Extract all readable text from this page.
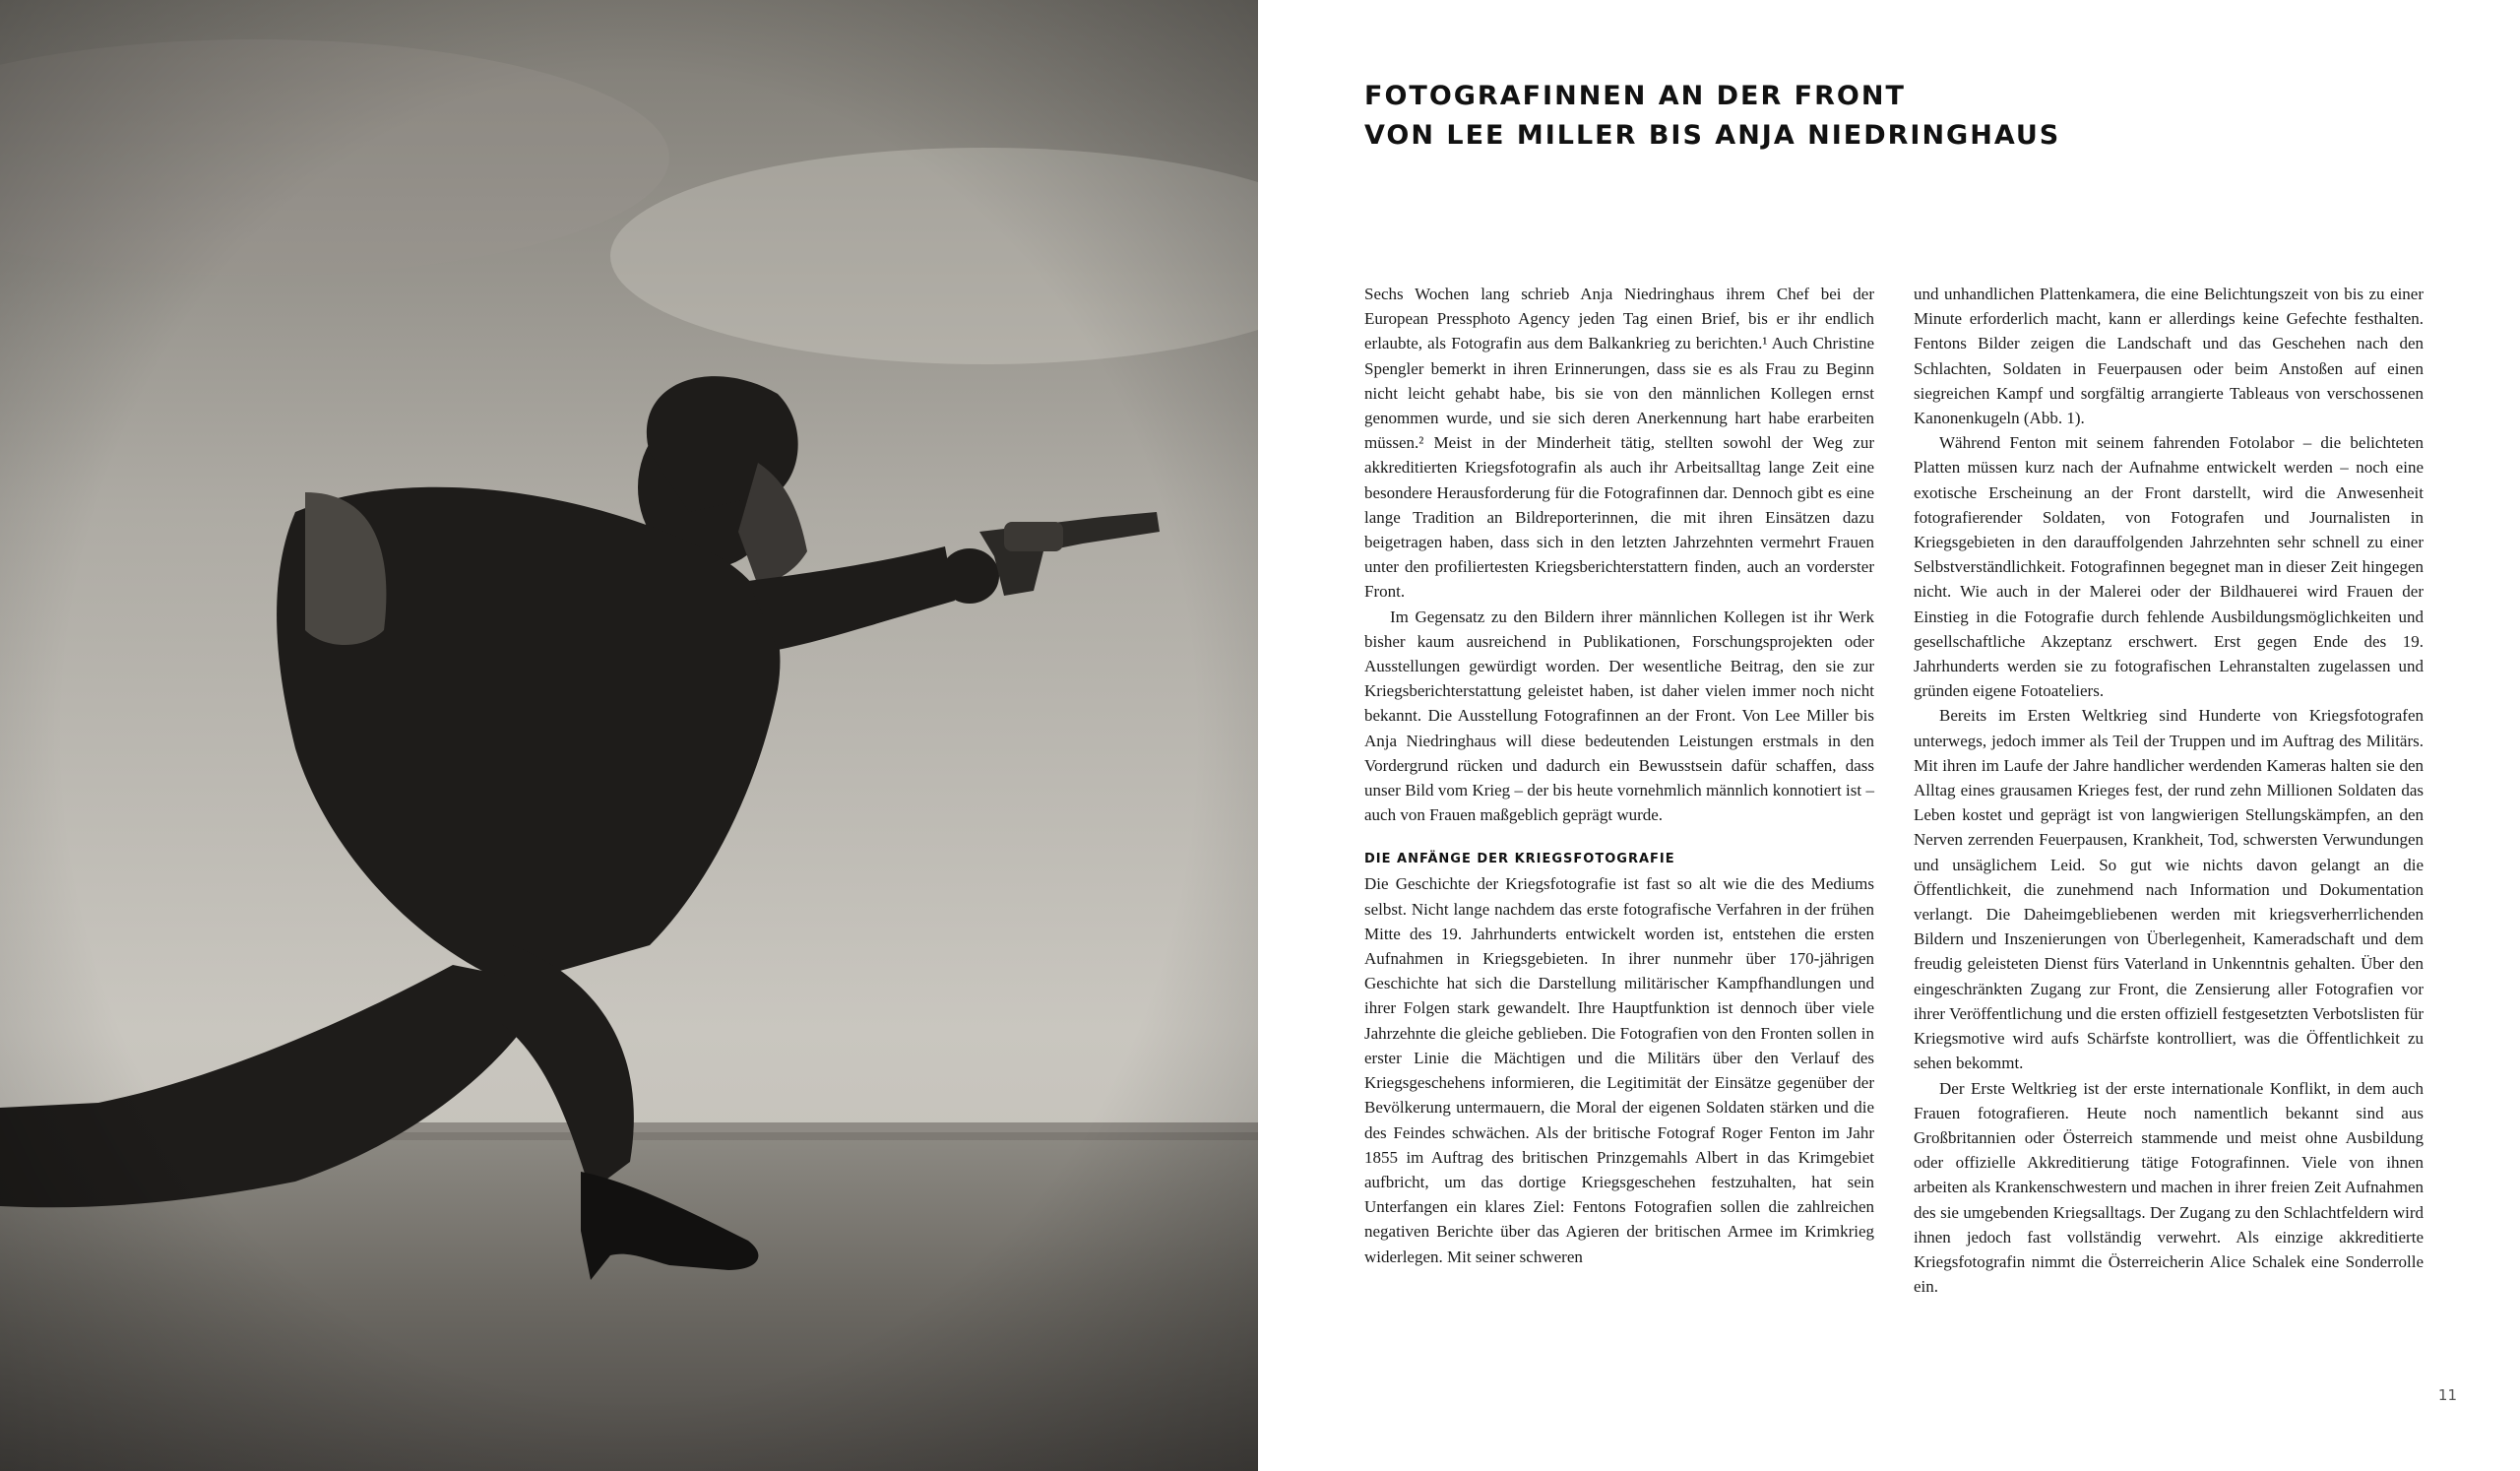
FOTOGRAFINNEN AN DER FRONT
VON LEE MILLER BIS ANJA NIEDRINGHAUS

Sechs Wochen lang schrieb Anja Niedringhaus ihrem Chef bei der European Pressphoto Agency jeden Tag einen Brief, bis er ihr endlich erlaubte, als Fotografin aus dem Balkankrieg zu berichten.¹ Auch Christine Spengler bemerkt in ihren Erinnerungen, dass sie es als Frau zu Beginn nicht leicht gehabt habe, bis sie von den männlichen Kollegen ernst genommen wurde, und sie sich deren Anerkennung hart habe erarbeiten müssen.² Meist in der Minderheit tätig, stellten sowohl der Weg zur akkreditierten Kriegsfotografin als auch ihr Arbeitsalltag lange Zeit eine besondere Herausforderung für die Fotografinnen dar. Dennoch gibt es eine lange Tradition an Bildreporterinnen, die mit ihren Einsätzen dazu beigetragen haben, dass sich in den letzten Jahrzehnten vermehrt Frauen unter den profiliertesten Kriegsberichterstattern finden, auch an vorderster Front.

Im Gegensatz zu den Bildern ihrer männlichen Kollegen ist ihr Werk bisher kaum ausreichend in Publikationen, Forschungsprojekten oder Ausstellungen gewürdigt worden. Der wesentliche Beitrag, den sie zur Kriegsberichterstattung geleistet haben, ist daher vielen immer noch nicht bekannt. Die Ausstellung Fotografinnen an der Front. Von Lee Miller bis Anja Niedringhaus will diese bedeutenden Leistungen erstmals in den Vordergrund rücken und dadurch ein Bewusstsein dafür schaffen, dass unser Bild vom Krieg – der bis heute vornehmlich männlich konnotiert ist – auch von Frauen maßgeblich geprägt wurde.

DIE ANFÄNGE DER KRIEGSFOTOGRAFIE

Die Geschichte der Kriegsfotografie ist fast so alt wie die des Mediums selbst. Nicht lange nachdem das erste fotografische Verfahren in der frühen Mitte des 19. Jahrhunderts entwickelt worden ist, entstehen die ersten Aufnahmen in Kriegsgebieten. In ihrer nunmehr über 170-jährigen Geschichte hat sich die Darstellung militärischer Kampfhandlungen und ihrer Folgen stark gewandelt. Ihre Hauptfunktion ist dennoch über viele Jahrzehnte die gleiche geblieben. Die Fotografien von den Fronten sollen in erster Linie die Mächtigen und die Militärs über den Verlauf des Kriegsgeschehens informieren, die Legitimität der Einsätze gegenüber der Bevölkerung untermauern, die Moral der eigenen Soldaten stärken und die des Feindes schwächen. Als der britische Fotograf Roger Fenton im Jahr 1855 im Auftrag des britischen Prinzgemahls Albert in das Krimgebiet aufbricht, um das dortige Kriegsgeschehen festzuhalten, hat sein Unterfangen ein klares Ziel: Fentons Fotografien sollen die zahlreichen negativen Berichte über das Agieren der britischen Armee im Krimkrieg widerlegen. Mit seiner schweren

und unhandlichen Plattenkamera, die eine Belichtungszeit von bis zu einer Minute erforderlich macht, kann er allerdings keine Gefechte festhalten. Fentons Bilder zeigen die Landschaft und das Geschehen nach den Schlachten, Soldaten in Feuerpausen oder beim Anstoßen auf einen siegreichen Kampf und sorgfältig arrangierte Tableaus von verschossenen Kanonenkugeln (Abb. 1).

Während Fenton mit seinem fahrenden Fotolabor – die belichteten Platten müssen kurz nach der Aufnahme entwickelt werden – noch eine exotische Erscheinung an der Front darstellt, wird die Anwesenheit fotografierender Soldaten, von Fotografen und Journalisten in Kriegsgebieten in den darauffolgenden Jahrzehnten sehr schnell zu einer Selbstverständlichkeit. Fotografinnen begegnet man in dieser Zeit hingegen nicht. Wie auch in der Malerei oder der Bildhauerei wird Frauen der Einstieg in die Fotografie durch fehlende Ausbildungsmöglichkeiten und gesellschaftliche Akzeptanz erschwert. Erst gegen Ende des 19. Jahrhunderts werden sie zu fotografischen Lehranstalten zugelassen und gründen eigene Fotoateliers.

Bereits im Ersten Weltkrieg sind Hunderte von Kriegsfotografen unterwegs, jedoch immer als Teil der Truppen und im Auftrag des Militärs. Mit ihren im Laufe der Jahre handlicher werdenden Kameras halten sie den Alltag eines grausamen Krieges fest, der rund zehn Millionen Soldaten das Leben kostet und geprägt ist von langwierigen Stellungskämpfen, an den Nerven zerrenden Feuerpausen, Krankheit, Tod, schwersten Verwundungen und unsäglichem Leid. So gut wie nichts davon gelangt an die Öffentlichkeit, die zunehmend nach Information und Dokumentation verlangt. Die Daheimgebliebenen werden mit kriegsverherrlichenden Bildern und Inszenierungen von Überlegenheit, Kameradschaft und dem freudig geleisteten Dienst fürs Vaterland in Unkenntnis gehalten. Über den eingeschränkten Zugang zur Front, die Zensierung aller Fotografien vor ihrer Veröffentlichung und die ersten offiziell festgesetzten Verbotslisten für Kriegsmotive wird aufs Schärfste kontrolliert, was die Öffentlichkeit zu sehen bekommt.

Der Erste Weltkrieg ist der erste internationale Konflikt, in dem auch Frauen fotografieren. Heute noch namentlich bekannt sind aus Großbritannien oder Österreich stammende und meist ohne Ausbildung oder offizielle Akkreditierung tätige Fotografinnen. Viele von ihnen arbeiten als Krankenschwestern und machen in ihrer freien Zeit Aufnahmen des sie umgebenden Kriegsalltags. Der Zugang zu den Schlachtfeldern wird ihnen jedoch fast vollständig verwehrt. Als einzige akkreditierte Kriegsfotografin nimmt die Österreicherin Alice Schalek eine Sonderrolle ein.

11
